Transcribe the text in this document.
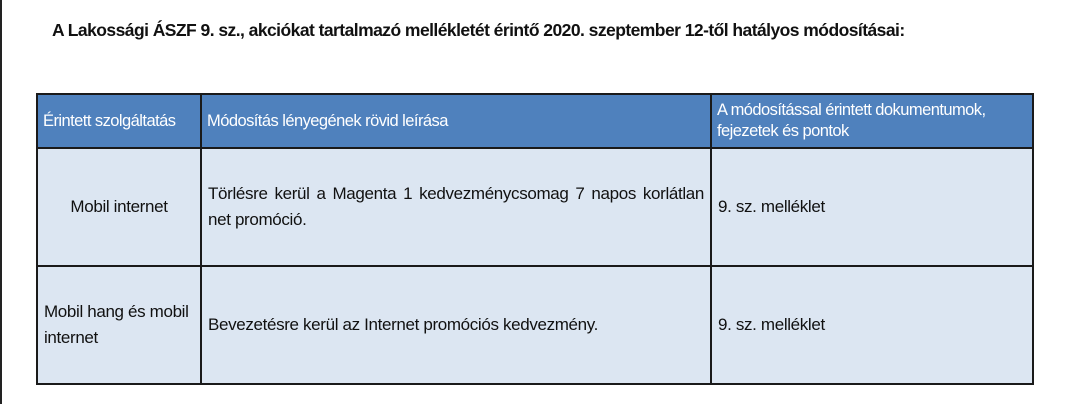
A Lakossági ÁSZF 9. sz., akciókat tartalmazó mellékletét érintő 2020. szeptember 12-től hatályos módosításai:
Érintett szolgáltatás	Módosítás lényegének rövid leírása	A módosítással érintett dokumentumok, fejezetek és pontok
Mobil internet	Törlésre kerül a Magenta 1 kedvezménycsomag 7 napos korlátlan net promóció.	9. sz. melléklet
Mobil hang és mobil internet	Bevezetésre kerül az Internet promóciós kedvezmény.	9. sz. melléklet
